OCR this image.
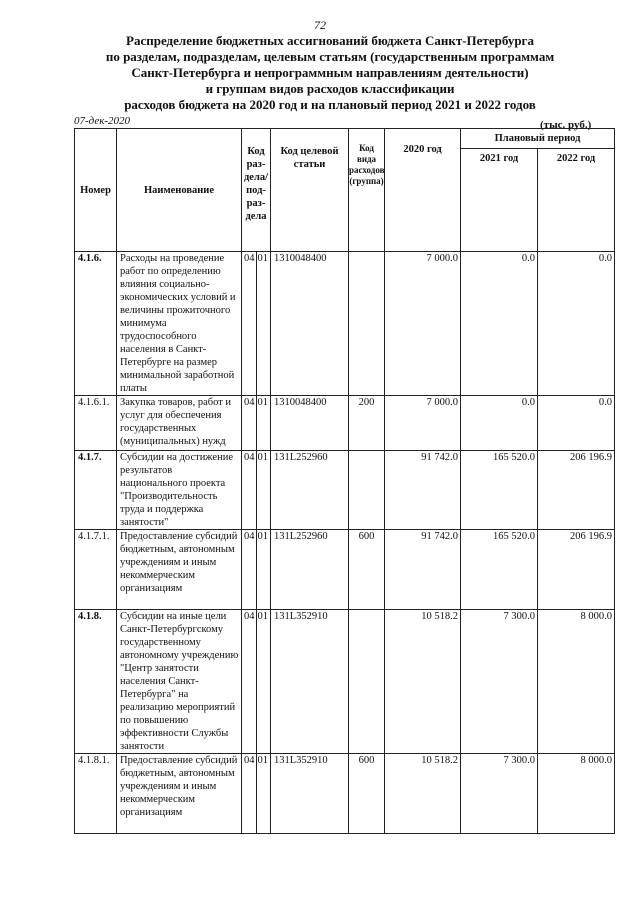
72
Распределение бюджетных ассигнований бюджета Санкт-Петербурга
по разделам, подразделам, целевым статьям (государственным программам
Санкт-Петербурга и непрограммным направлениям деятельности)
и группам видов расходов классификации
расходов бюджета на 2020 год и на плановый период 2021 и 2022 годов
07-дек-2020	(тыс. руб.)
Номер	Наименование	Код раз- дела/ под- раз- дела		Код целевой статьи	Код вида расходов (группа)	2020 год	Плановый период	
							2021 год	2022 год
4.1.6.	Расходы на проведение работ по определению влияния социально-экономических условий и величины прожиточного минимума трудоспособного населения в Санкт-Петербурге на размер минимальной заработной платы	04	01	1310048400		7 000.0	0.0	0.0
4.1.6.1.	Закупка товаров, работ и услуг для обеспечения государственных (муниципальных) нужд	04	01	1310048400	200	7 000.0	0.0	0.0
4.1.7.	Субсидии на достижение результатов национального проекта "Производительность труда и поддержка занятости"	04	01	131L252960		91 742.0	165 520.0	206 196.9
4.1.7.1.	Предоставление субсидий бюджетным, автономным учреждениям и иным некоммерческим организациям	04	01	131L252960	600	91 742.0	165 520.0	206 196.9
4.1.8.	Субсидии на иные цели Санкт-Петербургскому государственному автономному учреждению "Центр занятости населения Санкт-Петербурга" на реализацию мероприятий по повышению эффективности Службы занятости	04	01	131L352910		10 518.2	7 300.0	8 000.0
4.1.8.1.	Предоставление субсидий бюджетным, автономным учреждениям и иным некоммерческим организациям	04	01	131L352910	600	10 518.2	7 300.0	8 000.0
